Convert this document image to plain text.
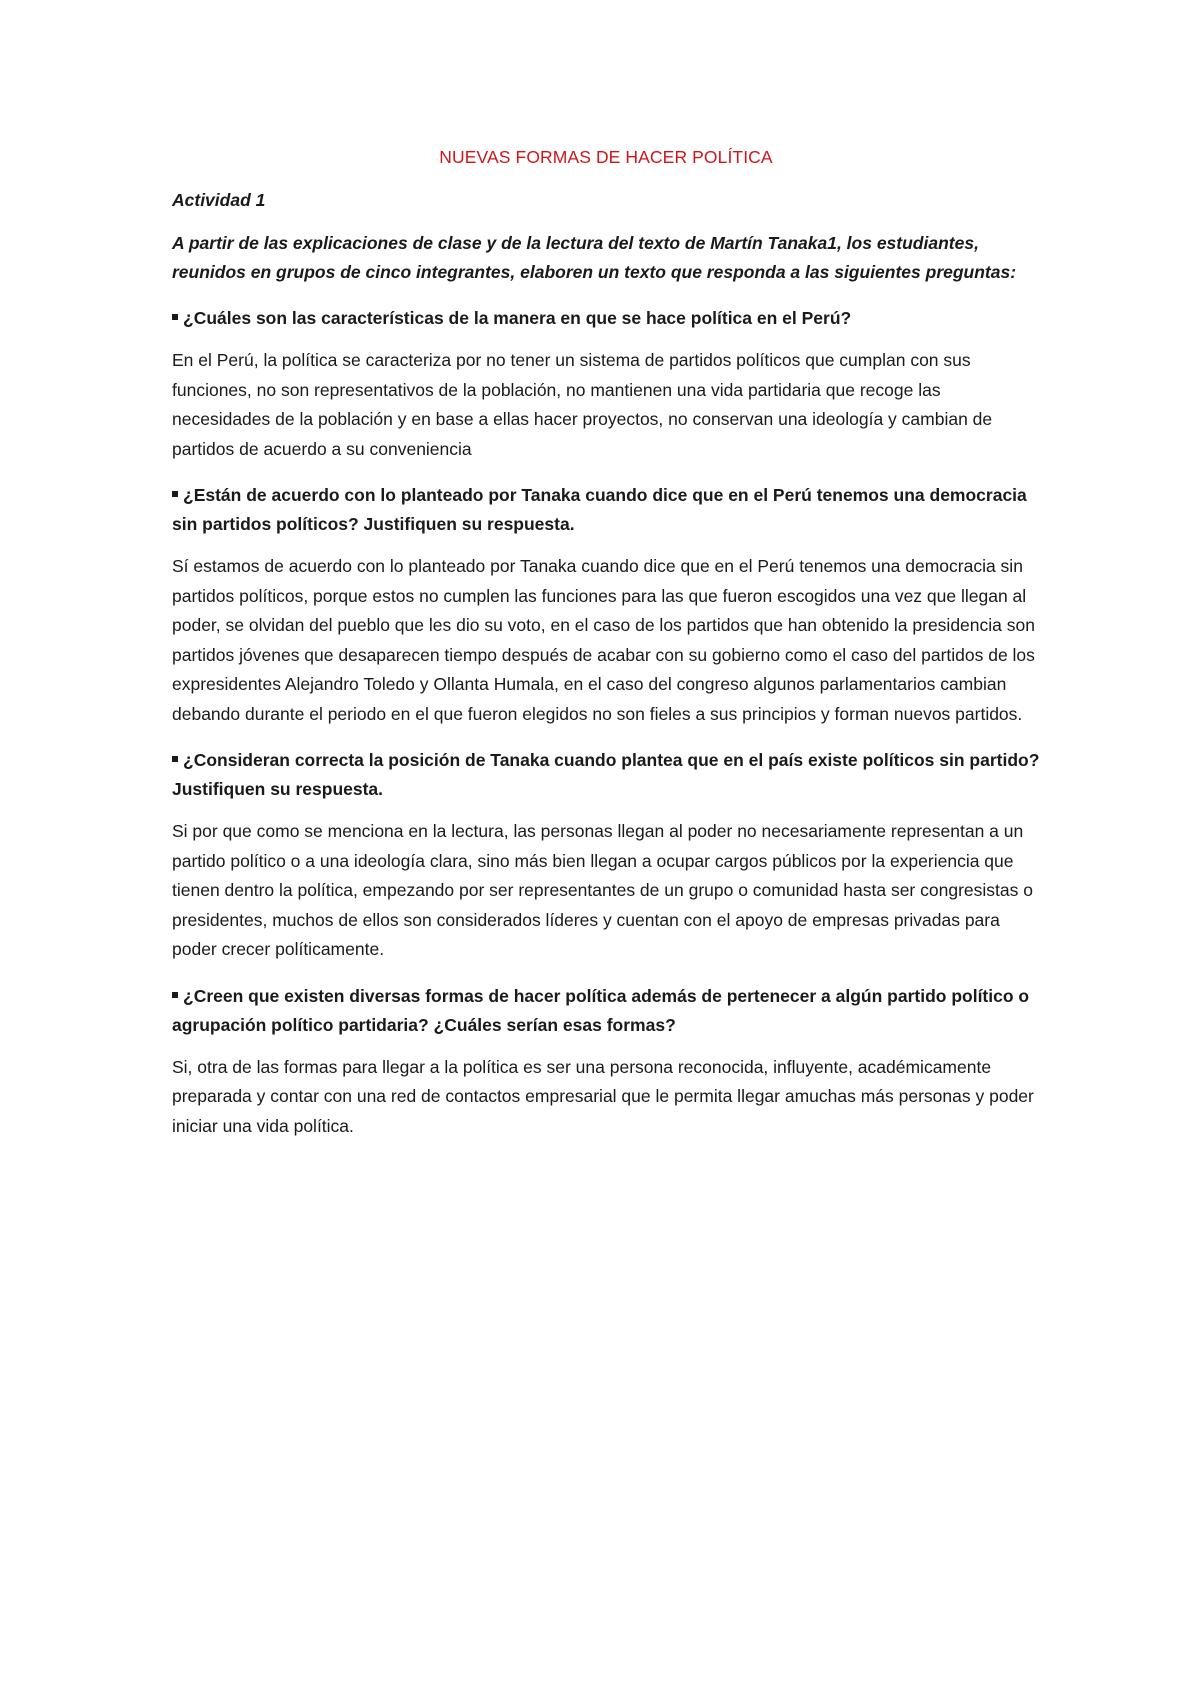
NUEVAS FORMAS DE HACER POLÍTICA

Actividad 1

A partir de las explicaciones de clase y de la lectura del texto de Martín Tanaka1, los estudiantes, reunidos en grupos de cinco integrantes, elaboren un texto que responda a las siguientes preguntas:

¿Cuáles son las características de la manera en que se hace política en el Perú?

En el Perú, la política se caracteriza por no tener un sistema de partidos políticos que cumplan con sus funciones, no son representativos de la población, no mantienen una vida partidaria que recoge las necesidades de la población y en base a ellas hacer proyectos, no conservan una ideología y cambian de partidos de acuerdo a su conveniencia

¿Están de acuerdo con lo planteado por Tanaka cuando dice que en el Perú tenemos una democracia sin partidos políticos? Justifiquen su respuesta.

Sí estamos de acuerdo con lo planteado por Tanaka cuando dice que en el Perú tenemos una democracia sin partidos políticos, porque estos no cumplen las funciones para las que fueron escogidos una vez que llegan al poder, se olvidan del pueblo que les dio su voto, en el caso de los partidos que han obtenido la presidencia son partidos jóvenes que desaparecen tiempo después de acabar con su gobierno como el caso del partidos de los expresidentes Alejandro Toledo y Ollanta Humala, en el caso del congreso algunos parlamentarios cambian debando durante el periodo en el que fueron elegidos no son fieles a sus principios y forman nuevos partidos.

¿Consideran correcta la posición de Tanaka cuando plantea que en el país existe políticos sin partido? Justifiquen su respuesta.

Si por que como se menciona en la lectura, las personas llegan al poder no necesariamente representan a un partido político o a una ideología clara, sino más bien llegan a ocupar cargos públicos por la experiencia que tienen dentro la política, empezando por ser representantes de un grupo o comunidad hasta ser congresistas o presidentes, muchos de ellos son considerados líderes y cuentan con el apoyo de empresas privadas para poder crecer políticamente.

¿Creen que existen diversas formas de hacer política además de pertenecer a algún partido político o agrupación político partidaria? ¿Cuáles serían esas formas?

Si, otra de las formas para llegar a la política es ser una persona reconocida, influyente, académicamente preparada y contar con una red de contactos empresarial que le permita llegar amuchas más personas y poder iniciar una vida política.
